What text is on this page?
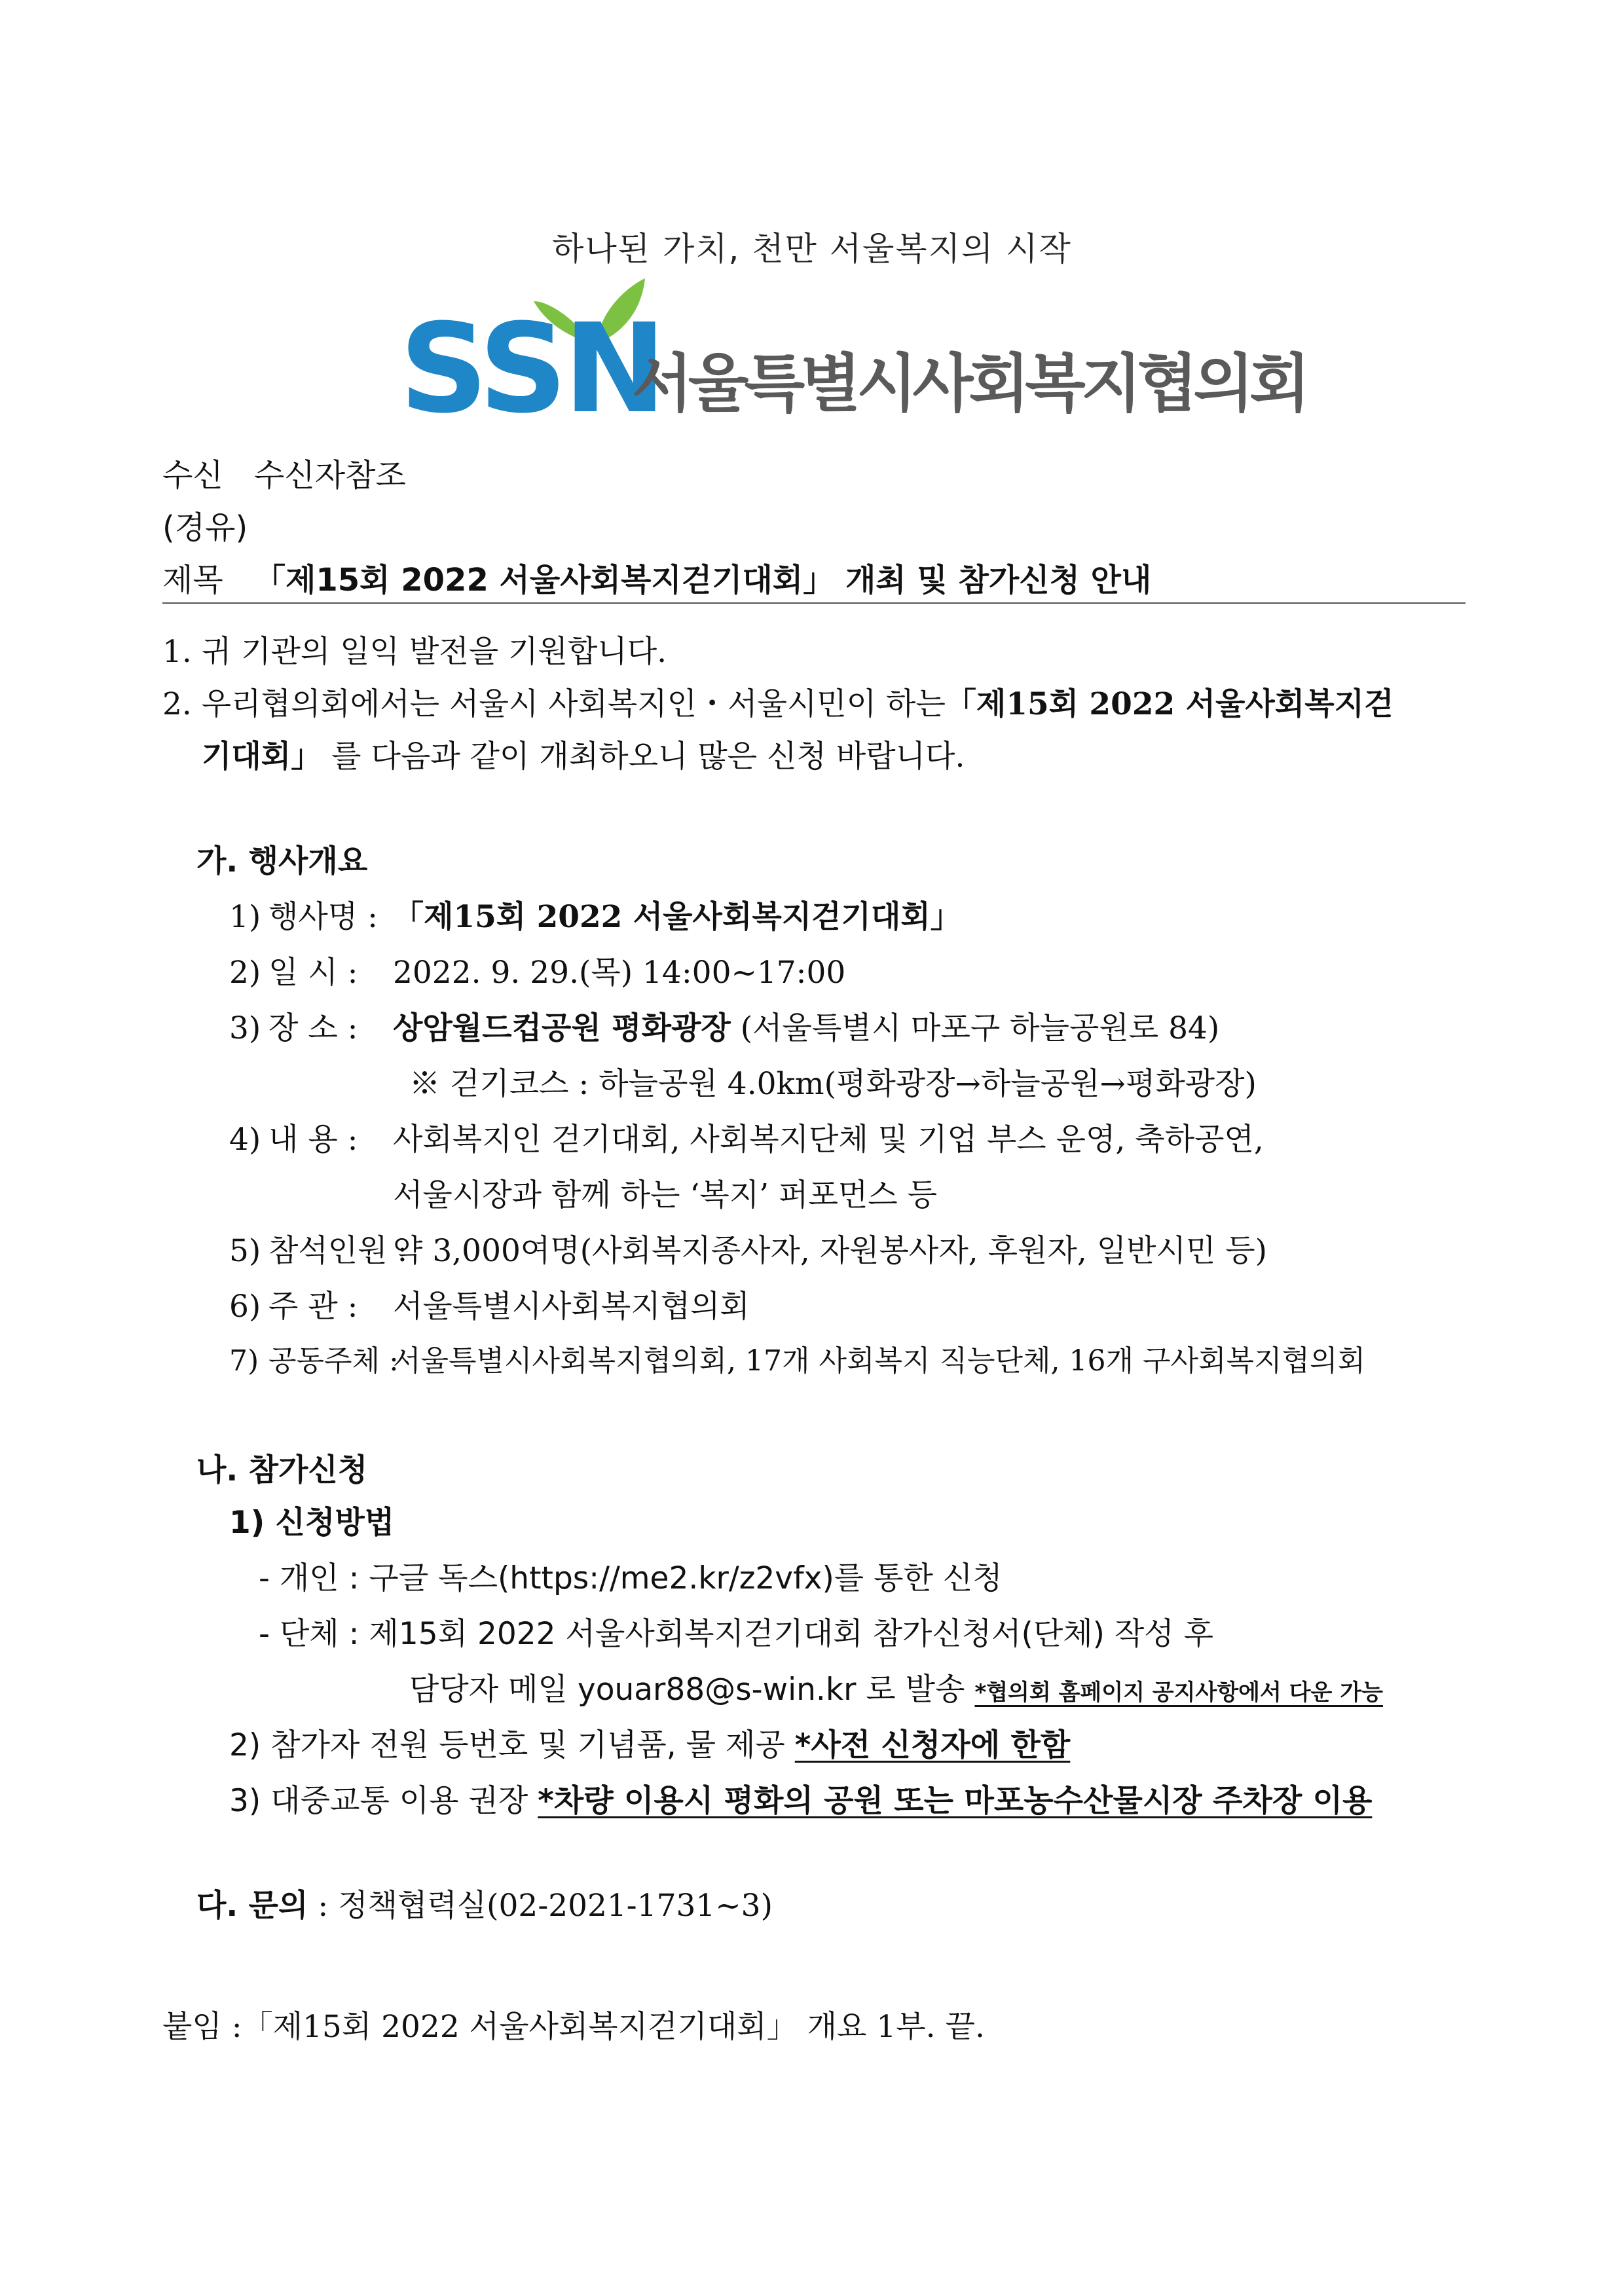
하나된 가치, 천만 서울복지의 시작
SSN
서울특별시사회복지협의회
수신 수신자참조
(경유)
제목 「제15회 2022 서울사회복지걷기대회」 개최 및 참가신청 안내
1. 귀 기관의 일익 발전을 기원합니다.
2. 우리협의회에서는 서울시 사회복지인・서울시민이 하는「제15회 2022 서울사회복지걷
기대회」 를 다음과 같이 개최하오니 많은 신청 바랍니다.
가. 행사개요
1) 행사명 : 「제15회 2022 서울사회복지걷기대회」
2) 일 시 : 2022. 9. 29.(목) 14:00~17:00
3) 장 소 : 상암월드컵공원 평화광장 (서울특별시 마포구 하늘공원로 84)
※ 걷기코스 : 하늘공원 4.0km(평화광장→하늘공원→평화광장)
4) 내 용 : 사회복지인 걷기대회, 사회복지단체 및 기업 부스 운영, 축하공연,
서울시장과 함께 하는 ‘복지’ 퍼포먼스 등
5) 참석인원 :약 3,000여명(사회복지종사자, 자원봉사자, 후원자, 일반시민 등)
6) 주 관 : 서울특별시사회복지협의회
7) 공동주체 :서울특별시사회복지협의회, 17개 사회복지 직능단체, 16개 구사회복지협의회
나. 참가신청
1) 신청방법
- 개인 : 구글 독스(https://me2.kr/z2vfx)를 통한 신청
- 단체 : 제15회 2022 서울사회복지걷기대회 참가신청서(단체) 작성 후
담당자 메일 youar88@s-win.kr 로 발송 *협의회 홈페이지 공지사항에서 다운 가능
2) 참가자 전원 등번호 및 기념품, 물 제공 *사전 신청자에 한함
3) 대중교통 이용 권장 *차량 이용시 평화의 공원 또는 마포농수산물시장 주차장 이용
다. 문의 : 정책협력실(02-2021-1731~3)
붙임 :「제15회 2022 서울사회복지걷기대회」 개요 1부. 끝.
